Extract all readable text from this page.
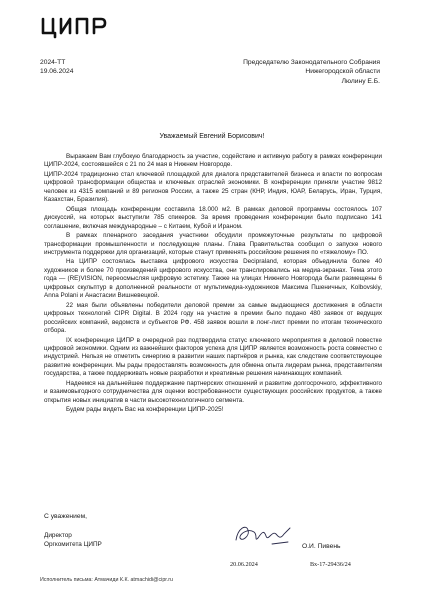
2024-TT
19.06.2024
Председателю Законодательного Собрания
Нижегородской области
Люлину Е.Б.
Уважаемый Евгений Борисович!

Выражаем Вам глубокую благодарность за участие, содействие и активную работу в рамках конференции ЦИПР-2024, состоявшейся с 21 по 24 мая в Нижнем Новгороде.

ЦИПР-2024 традиционно стал ключевой площадкой для диалога представителей бизнеса и власти по вопросам цифровой трансформации общества и ключевых отраслей экономики. В конференции приняли участие 9812 человек из 4315 компаний и 89 регионов России, а также 25 стран (КНР, Индия, ЮАР, Беларусь, Иран, Турция, Казахстан, Бразилия).

Общая площадь конференции составила 18.000 м2. В рамках деловой программы состоялось 107 дискуссий, на которых выступили 785 спикеров. За время проведения конференции было подписано 141 соглашение, включая международные – с Китаем, Кубой и Ираном.

В рамках пленарного заседания участники обсудили промежуточные результаты по цифровой трансформации промышленности и последующие планы. Глава Правительства сообщил о запуске нового инструмента поддержки для организаций, которые станут применять российские решения по «тяжелому» ПО.

На ЦИПР состоялась выставка цифрового искусства Decipraland, которая объединила более 40 художников и более 70 произведений цифрового искусства, они транслировались на медиа-экранах. Тема этого года — (RE)VISION, переосмысляя цифровую эстетику. Также на улицах Нижнего Новгорода были размещены 6 цифровых скульптур в дополненной реальности от мультимедиа-художников Максима Пшеничных, Kolbovskiy, Anna Polani и Анастасии Вишневецкой.

22 мая были объявлены победители деловой премии за самые выдающиеся достижения в области цифровых технологий CIPR Digital. В 2024 году на участие в премии было подано 480 заявок от ведущих российских компаний, ведомств и субъектов РФ. 458 заявок вошли в лонг-лист премии по итогам технического отбора.

IX конференция ЦИПР в очередной раз подтвердила статус ключевого мероприятия в деловой повестке цифровой экономики. Одним из важнейших факторов успеха для ЦИПР является возможность роста совместно с индустрией. Нельзя не отметить синергию в развитии наших партнёров и рынка, как следствие соответствующее развитие конференции. Мы рады предоставлять возможность для обмена опыта лидерам рынка, представителям государства, а также поддерживать новые разработки и креативные решения начинающих компаний.

Надеемся на дальнейшее поддержание партнерских отношений и развитие долгосрочного, эффективного и взаимовыгодного сотрудничества для оценки востребованности существующих российских продуктов, а также открытия новых инициатив в части высокотехнологичного сегмента.

Будем рады видеть Вас на конференции ЦИПР-2025!

С уважением,
Директор
Оргкомитета ЦИПР	О.И. Пивень
20.06.2024	Вх-17-29436/24
Исполнитель письма: Атмачиди К.К. atmachidi@cipr.ru
